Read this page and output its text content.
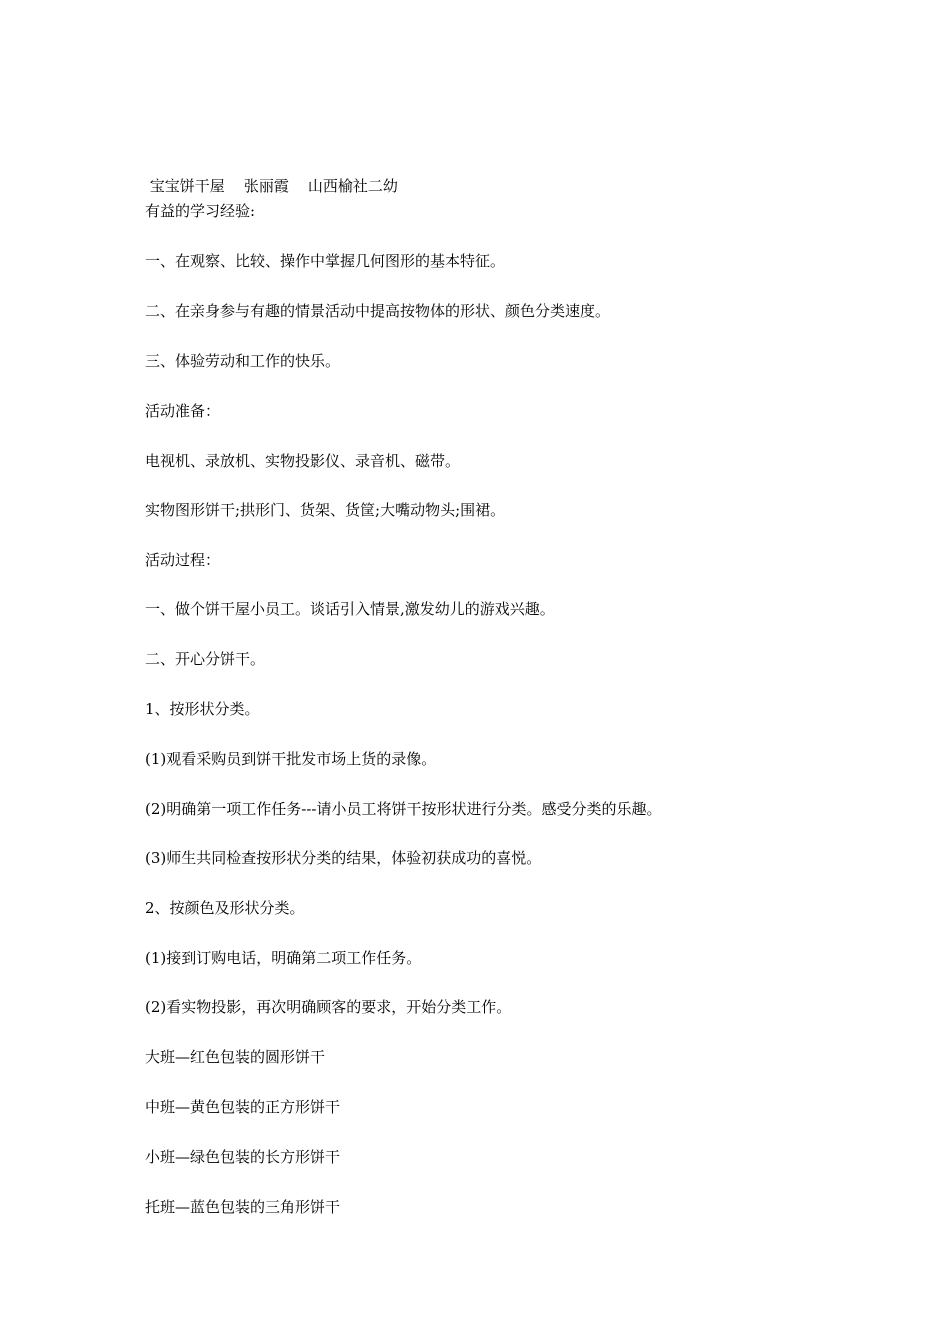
宝宝饼干屋    张丽霞    山西榆社二幼
有益的学习经验:
一、在观察、比较、操作中掌握几何图形的基本特征。
二、在亲身参与有趣的情景活动中提高按物体的形状、颜色分类速度。
三、体验劳动和工作的快乐。
活动准备：
电视机、录放机、实物投影仪、录音机、磁带。
实物图形饼干;拱形门、货架、货筐;大嘴动物头;围裙。
活动过程：
一、做个饼干屋小员工。谈话引入情景,激发幼儿的游戏兴趣。
二、开心分饼干。
1、按形状分类。
(1)观看采购员到饼干批发市场上货的录像。
(2)明确第一项工作任务---请小员工将饼干按形状进行分类。感受分类的乐趣。
(3)师生共同检查按形状分类的结果，体验初获成功的喜悦。
2、按颜色及形状分类。
(1)接到订购电话，明确第二项工作任务。
(2)看实物投影，再次明确顾客的要求，开始分类工作。
大班—红色包装的圆形饼干
中班—黄色包装的正方形饼干
小班—绿色包装的长方形饼干
托班—蓝色包装的三角形饼干
